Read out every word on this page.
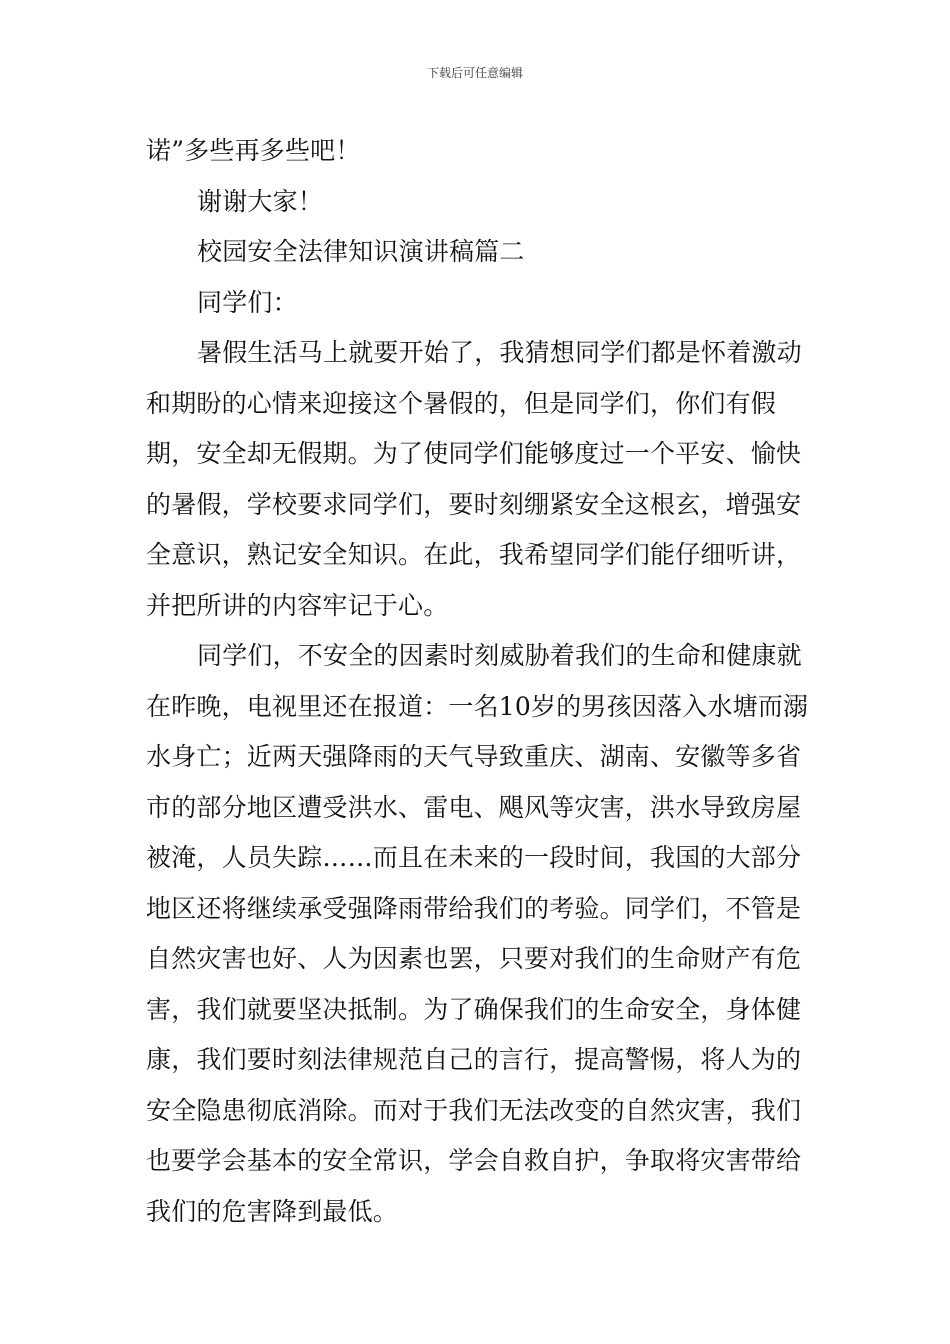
下载后可任意编辑

诺”多些再多些吧！

谢谢大家！

校园安全法律知识演讲稿篇二

同学们：

暑假生活马上就要开始了，我猜想同学们都是怀着激动和期盼的心情来迎接这个暑假的，但是同学们，你们有假期，安全却无假期。为了使同学们能够度过一个平安、愉快的暑假，学校要求同学们，要时刻绷紧安全这根玄，增强安全意识，熟记安全知识。在此，我希望同学们能仔细听讲，并把所讲的内容牢记于心。

同学们，不安全的因素时刻威胁着我们的生命和健康就在昨晚，电视里还在报道：一名10岁的男孩因落入水塘而溺水身亡；近两天强降雨的天气导致重庆、湖南、安徽等多省市的部分地区遭受洪水、雷电、飓风等灾害，洪水导致房屋被淹，人员失踪……而且在未来的一段时间，我国的大部分地区还将继续承受强降雨带给我们的考验。同学们，不管是自然灾害也好、人为因素也罢，只要对我们的生命财产有危害，我们就要坚决抵制。为了确保我们的生命安全，身体健康，我们要时刻法律规范自己的言行，提高警惕，将人为的安全隐患彻底消除。而对于我们无法改变的自然灾害，我们也要学会基本的安全常识，学会自救自护，争取将灾害带给我们的危害降到最低。
